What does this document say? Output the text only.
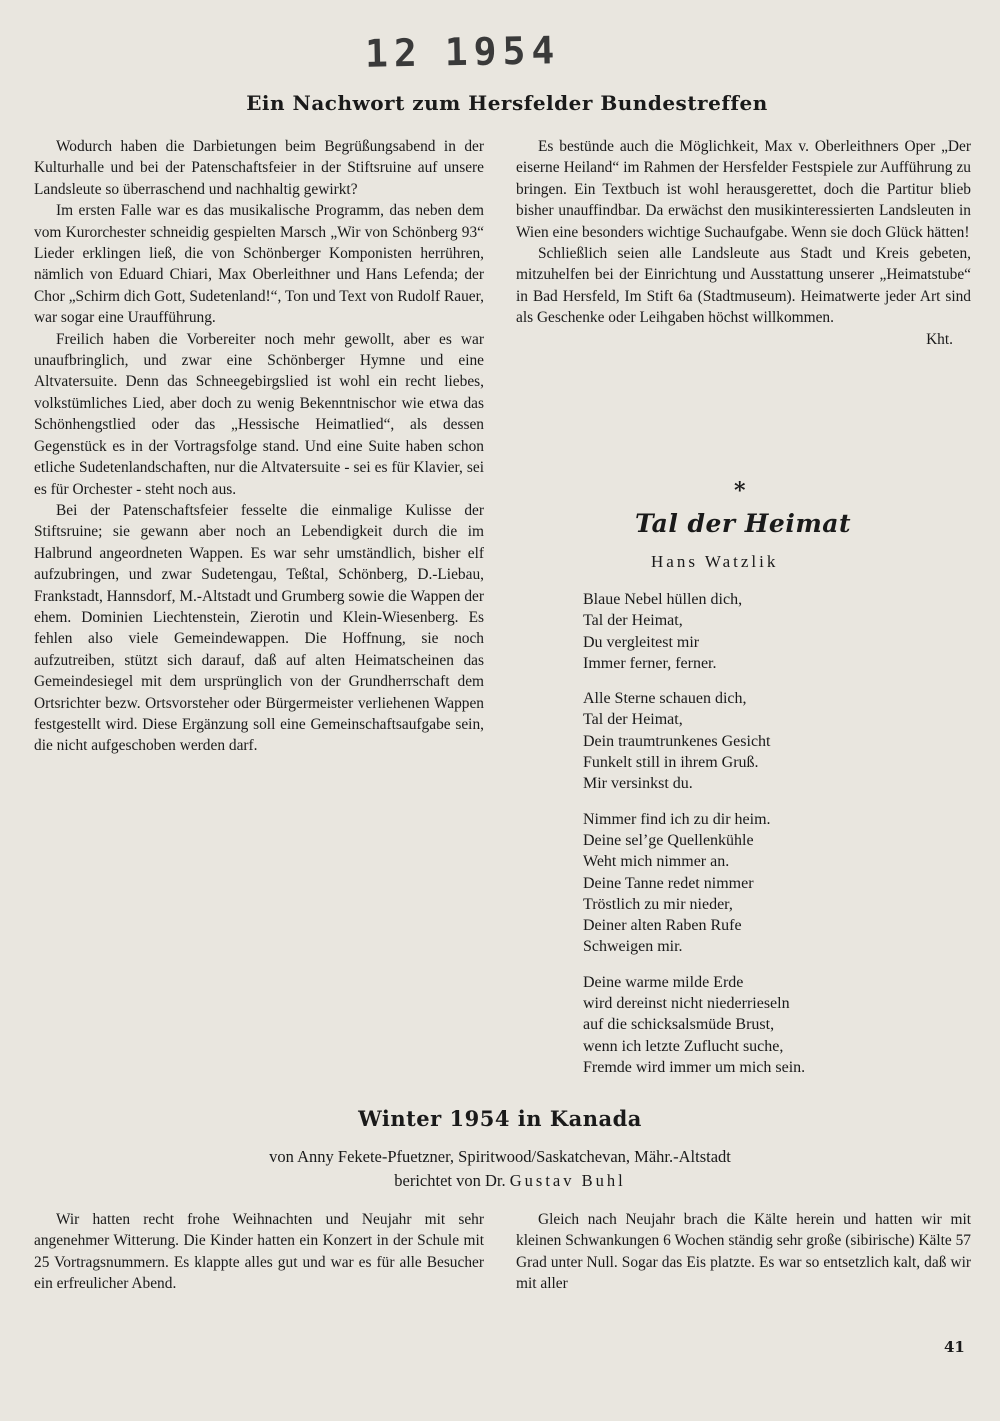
12 1954
Ein Nachwort zum Hersfelder Bundestreffen

Wodurch haben die Darbietungen beim Begrüßungsabend in der Kulturhalle und bei der Patenschaftsfeier in der Stiftsruine auf unsere Landsleute so überraschend und nachhaltig gewirkt?

Im ersten Falle war es das musikalische Programm, das neben dem vom Kurorchester schneidig gespielten Marsch „Wir von Schönberg 93“ Lieder erklingen ließ, die von Schönberger Komponisten herrühren, nämlich von Eduard Chiari, Max Oberleithner und Hans Lefenda; der Chor „Schirm dich Gott, Sudetenland!“, Ton und Text von Rudolf Rauer, war sogar eine Uraufführung.

Freilich haben die Vorbereiter noch mehr gewollt, aber es war unaufbringlich, und zwar eine Schönberger Hymne und eine Altvatersuite. Denn das Schneegebirgslied ist wohl ein recht liebes, volkstümliches Lied, aber doch zu wenig Bekenntnischor wie etwa das Schönhengstlied oder das „Hessische Heimatlied“, als dessen Gegenstück es in der Vortragsfolge stand. Und eine Suite haben schon etliche Sudetenlandschaften, nur die Altvatersuite - sei es für Klavier, sei es für Orchester - steht noch aus.

Bei der Patenschaftsfeier fesselte die einmalige Kulisse der Stiftsruine; sie gewann aber noch an Lebendigkeit durch die im Halbrund angeordneten Wappen. Es war sehr umständlich, bisher elf aufzubringen, und zwar Sudetengau, Teßtal, Schönberg, D.-Liebau, Frankstadt, Hannsdorf, M.-Altstadt und Grumberg sowie die Wappen der ehem. Dominien Liechtenstein, Zierotin und Klein-Wiesenberg. Es fehlen also viele Gemeindewappen. Die Hoffnung, sie noch aufzutreiben, stützt sich darauf, daß auf alten Heimatscheinen das Gemeindesiegel mit dem ursprünglich von der Grundherrschaft dem Ortsrichter bezw. Ortsvorsteher oder Bürgermeister verliehenen Wappen festgestellt wird. Diese Ergänzung soll eine Gemeinschaftsaufgabe sein, die nicht aufgeschoben werden darf.

Es bestünde auch die Möglichkeit, Max v. Oberleithners Oper „Der eiserne Heiland“ im Rahmen der Hersfelder Festspiele zur Aufführung zu bringen. Ein Textbuch ist wohl herausgerettet, doch die Partitur blieb bisher unauffindbar. Da erwächst den musikinteressierten Landsleuten in Wien eine besonders wichtige Suchaufgabe. Wenn sie doch Glück hätten!

Schließlich seien alle Landsleute aus Stadt und Kreis gebeten, mitzuhelfen bei der Einrichtung und Ausstattung unserer „Heimatstube“ in Bad Hersfeld, Im Stift 6a (Stadtmuseum). Heimatwerte jeder Art sind als Geschenke oder Leihgaben höchst willkommen.

Kht.
*
Tal der Heimat
Hans Watzlik
Blaue Nebel hüllen dich,
Tal der Heimat,
Du vergleitest mir
Immer ferner, ferner.
Alle Sterne schauen dich,
Tal der Heimat,
Dein traumtrunkenes Gesicht
Funkelt still in ihrem Gruß.
Mir versinkst du.
Nimmer find ich zu dir heim.
Deine sel’ge Quellenkühle
Weht mich nimmer an.
Deine Tanne redet nimmer
Tröstlich zu mir nieder,
Deiner alten Raben Rufe
Schweigen mir.
Deine warme milde Erde
wird dereinst nicht niederrieseln
auf die schicksalsmüde Brust,
wenn ich letzte Zuflucht suche,
Fremde wird immer um mich sein.
Winter 1954 in Kanada

von Anny Fekete-Pfuetzner, Spiritwood/Saskatchevan, Mähr.-Altstadt

berichtet von Dr. Gustav Buhl

Wir hatten recht frohe Weihnachten und Neujahr mit sehr angenehmer Witterung. Die Kinder hatten ein Konzert in der Schule mit 25 Vortragsnummern. Es klappte alles gut und war es für alle Besucher ein erfreulicher Abend.

Gleich nach Neujahr brach die Kälte herein und hatten wir mit kleinen Schwankungen 6 Wochen ständig sehr große (sibirische) Kälte 57 Grad unter Null. Sogar das Eis platzte. Es war so entsetzlich kalt, daß wir mit aller

41
